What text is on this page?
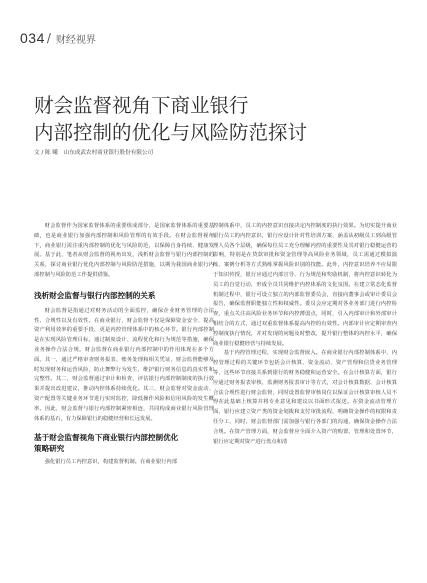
034 / 财经视界
财会监督视角下商业银行
内部控制的优化与风险防范探讨
文 / 陈 曦　山东成武农村商业银行股份有限公司

财会监督作为国家监督体系的重要组成部分，是国家监督体系的重要基础，也是商业银行加强内部控制和风险管理的有效手段。在财会监督视角下，商业银行需注重内部控制的优化与风险防范，以保障自身持续、健康发展。基于此，笔者从财会监督的视角出发，浅析财会监督与银行内部控制的关系，探讨商业银行优化内部控制与风险防范措施，以期为我国商业银行内部控制与风险防范工作提供借鉴。

浅析财会监督与银行内部控制的关系

财会监督是指通过对财务活动的全面监控，确保企业财务管理的合法性、合规性以及有效性。在商业银行，财会监督不仅是保障资金安全、提高资产利用效率的重要手段，更是内控管理体系中的核心环节。银行内部控制是在实现风险管理目标，通过制度设计、流程优化和行为规范等措施，确保业务操作合法合规。财会监督在商业银行内部控制中的作用体现在多个方面。其一，通过严格审查财务报表、账务处理和相关凭证，财会监督能够及时发现财务和运营风险，防止舞弊行为发生，维护银行财务信息的真实性和完整性。其二，财会监督通过审计和检查，评估银行内部控制制度的执行效果并提出改进建议，推动内控体系持续优化。其三，财会监督对资金流动、资产配置等关键业务环节进行实时监控，降低操作风险和信用风险的发生概率。因此，财会监督与银行内部控制紧密相连，共同构成商业银行风险管理体系的基石，有力保障银行的稳健经营和长远发展。

基于财会监督视角下商业银行内部控制优化
策略研究

强化银行员工内控意识，构建监督机制。在商业银行内部

控制体系中，员工的内控意识直接决定内控制度的执行效果。为切实提升商业银行员工的内控意识，银行应设计针对性培训方案，涵盖从初级员工到高级管理人员各个层级，确保每位员工充分理解内控的重要性及其对银行稳健运营的影响，特别是在贷款审批和资金管理等高风险业务领域，员工需通过模拟演练、案例分析等方式熟练掌握风险识别的技能。此外，内控意识培养不应局限于知识传授，银行应通过内部宣导、行为规范和奖励机制，将内控意识转化为员工的自觉行动，形成全员共同维护内控体系的文化氛围。在建立常态化监督机制过程中，银行可设立独立的内部监督委员会，直接向董事会或审计委员会报告，确保监督职能独立性和权威性。委员会应定期对各业务部门进行内控检查，重点关注高风险业务环节和内控薄弱点，同时，引入内部审计和外部审计相结合的方式，通过双重监督体系提高内控的有效性。内部审计应定期审查内控制度执行情况，并对发现的问题及时整改，提升银行整体的内控水平，确保商业银行稳健经营与持续发展。

基于内控管理过程，实现财会监督嵌入。在商业银行内部控制体系中，内控管理过程的关键环节包括会计核算、资金流动、资产管理和信贷业务管理等，这些环节直接关系到银行的财务稳健和运营安全。在会计核算方面，银行应通过财务报表审核、监测财务报表审计等方式，对会计核算数据、会计核算合法合规性进行财会监督，同时设置监督审核岗位以保证会计核算审核人员不得在此基础上核算并将专业意见和建议以书面形式报送。在资金流动管理方面，银行应建立资产类的资金划拨和支付审批流程，明确资金操作的权限和责任分工，同时，财会监督部门需加强与银行各部门的沟通，确保资金操作合法合规。在资产管理方面，财会监督应全面介入资产的购置、管理和处置环节，银行应定期对资产进行盘点和清
